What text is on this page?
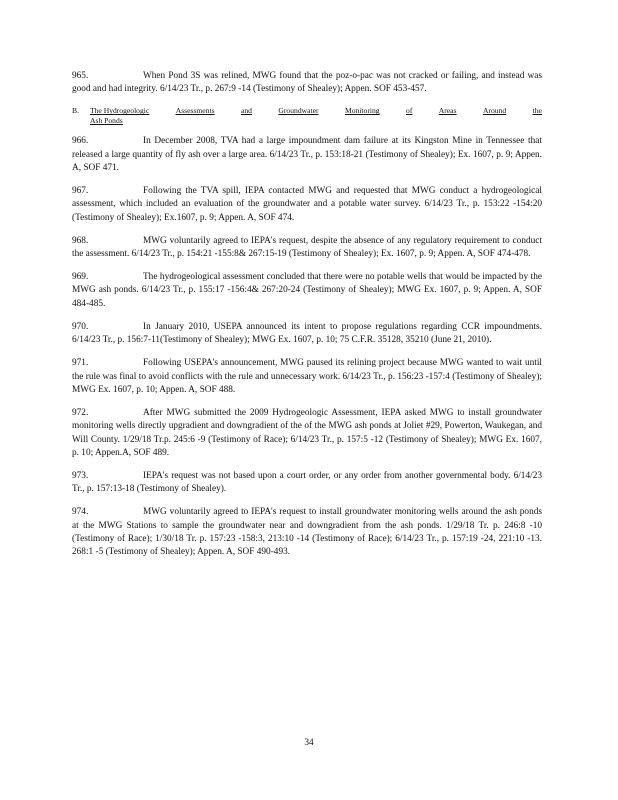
965.	When Pond 3S was relined, MWG found that the poz-o-pac was not cracked or failing, and instead was good and had integrity. 6/14/23 Tr., p. 267:9 -14 (Testimony of Shealey); Appen. SOF 453-457.

B.	The Hydrogeologic	Assessments	and	Groundwater	Monitoring	of	Areas	Around	the
Ash Ponds

966.	In December 2008, TVA had a large impoundment dam failure at its Kingston Mine in Tennessee that released a large quantity of fly ash over a large area. 6/14/23 Tr., p. 153:18-21 (Testimony of Shealey); Ex. 1607, p. 9; Appen. A, SOF 471.

967.	Following the TVA spill, IEPA contacted MWG and requested that MWG conduct a hydrogeological assessment, which included an evaluation of the groundwater and a potable water survey. 6/14/23 Tr., p. 153:22 -154:20 (Testimony of Shealey); Ex.1607, p. 9; Appen. A, SOF 474.

968.	MWG voluntarily agreed to IEPA's request, despite the absence of any regulatory requirement to conduct the assessment. 6/14/23 Tr., p. 154:21 -155:8& 267:15-19 (Testimony of Shealey); Ex. 1607, p. 9; Appen. A, SOF 474-478.

969.	The hydrogeological assessment concluded that there were no potable wells that would be impacted by the MWG ash ponds. 6/14/23 Tr., p. 155:17 -156:4& 267:20-24 (Testimony of Shealey); MWG Ex. 1607, p. 9; Appen. A, SOF 484-485.

970.	In January 2010, USEPA announced its intent to propose regulations regarding CCR impoundments. 6/14/23 Tr., p. 156:7-11(Testimony of Shealey); MWG Ex. 1607, p. 10; 75 C.F.R. 35128, 35210 (June 21, 2010).

971.	Following USEPA's announcement, MWG paused its relining project because MWG wanted to wait until the rule was final to avoid conflicts with the rule and unnecessary work. 6/14/23 Tr., p. 156:23 -157:4 (Testimony of Shealey); MWG Ex. 1607, p. 10; Appen. A, SOF 488.

972.	After MWG submitted the 2009 Hydrogeologic Assessment, IEPA asked MWG to install groundwater monitoring wells directly upgradient and downgradient of the of the MWG ash ponds at Joliet #29, Powerton, Waukegan, and Will County. 1/29/18 Tr.p. 245:6 -9 (Testimony of Race); 6/14/23 Tr., p. 157:5 -12 (Testimony of Shealey); MWG Ex. 1607, p. 10; Appen.A, SOF 489.

973.	IEPA's request was not based upon a court order, or any order from another governmental body. 6/14/23 Tr., p. 157:13-18 (Testimony of Shealey).

974.	MWG voluntarily agreed to IEPA's request to install groundwater monitoring wells around the ash ponds at the MWG Stations to sample the groundwater near and downgradient from the ash ponds. 1/29/18 Tr. p. 246:8 -10 (Testimony of Race); 1/30/18 Tr. p. 157:23 -158:3, 213:10 -14 (Testimony of Race); 6/14/23 Tr., p. 157:19 -24, 221:10 -13. 268:1 -5 (Testimony of Shealey); Appen. A, SOF 490-493.

34
